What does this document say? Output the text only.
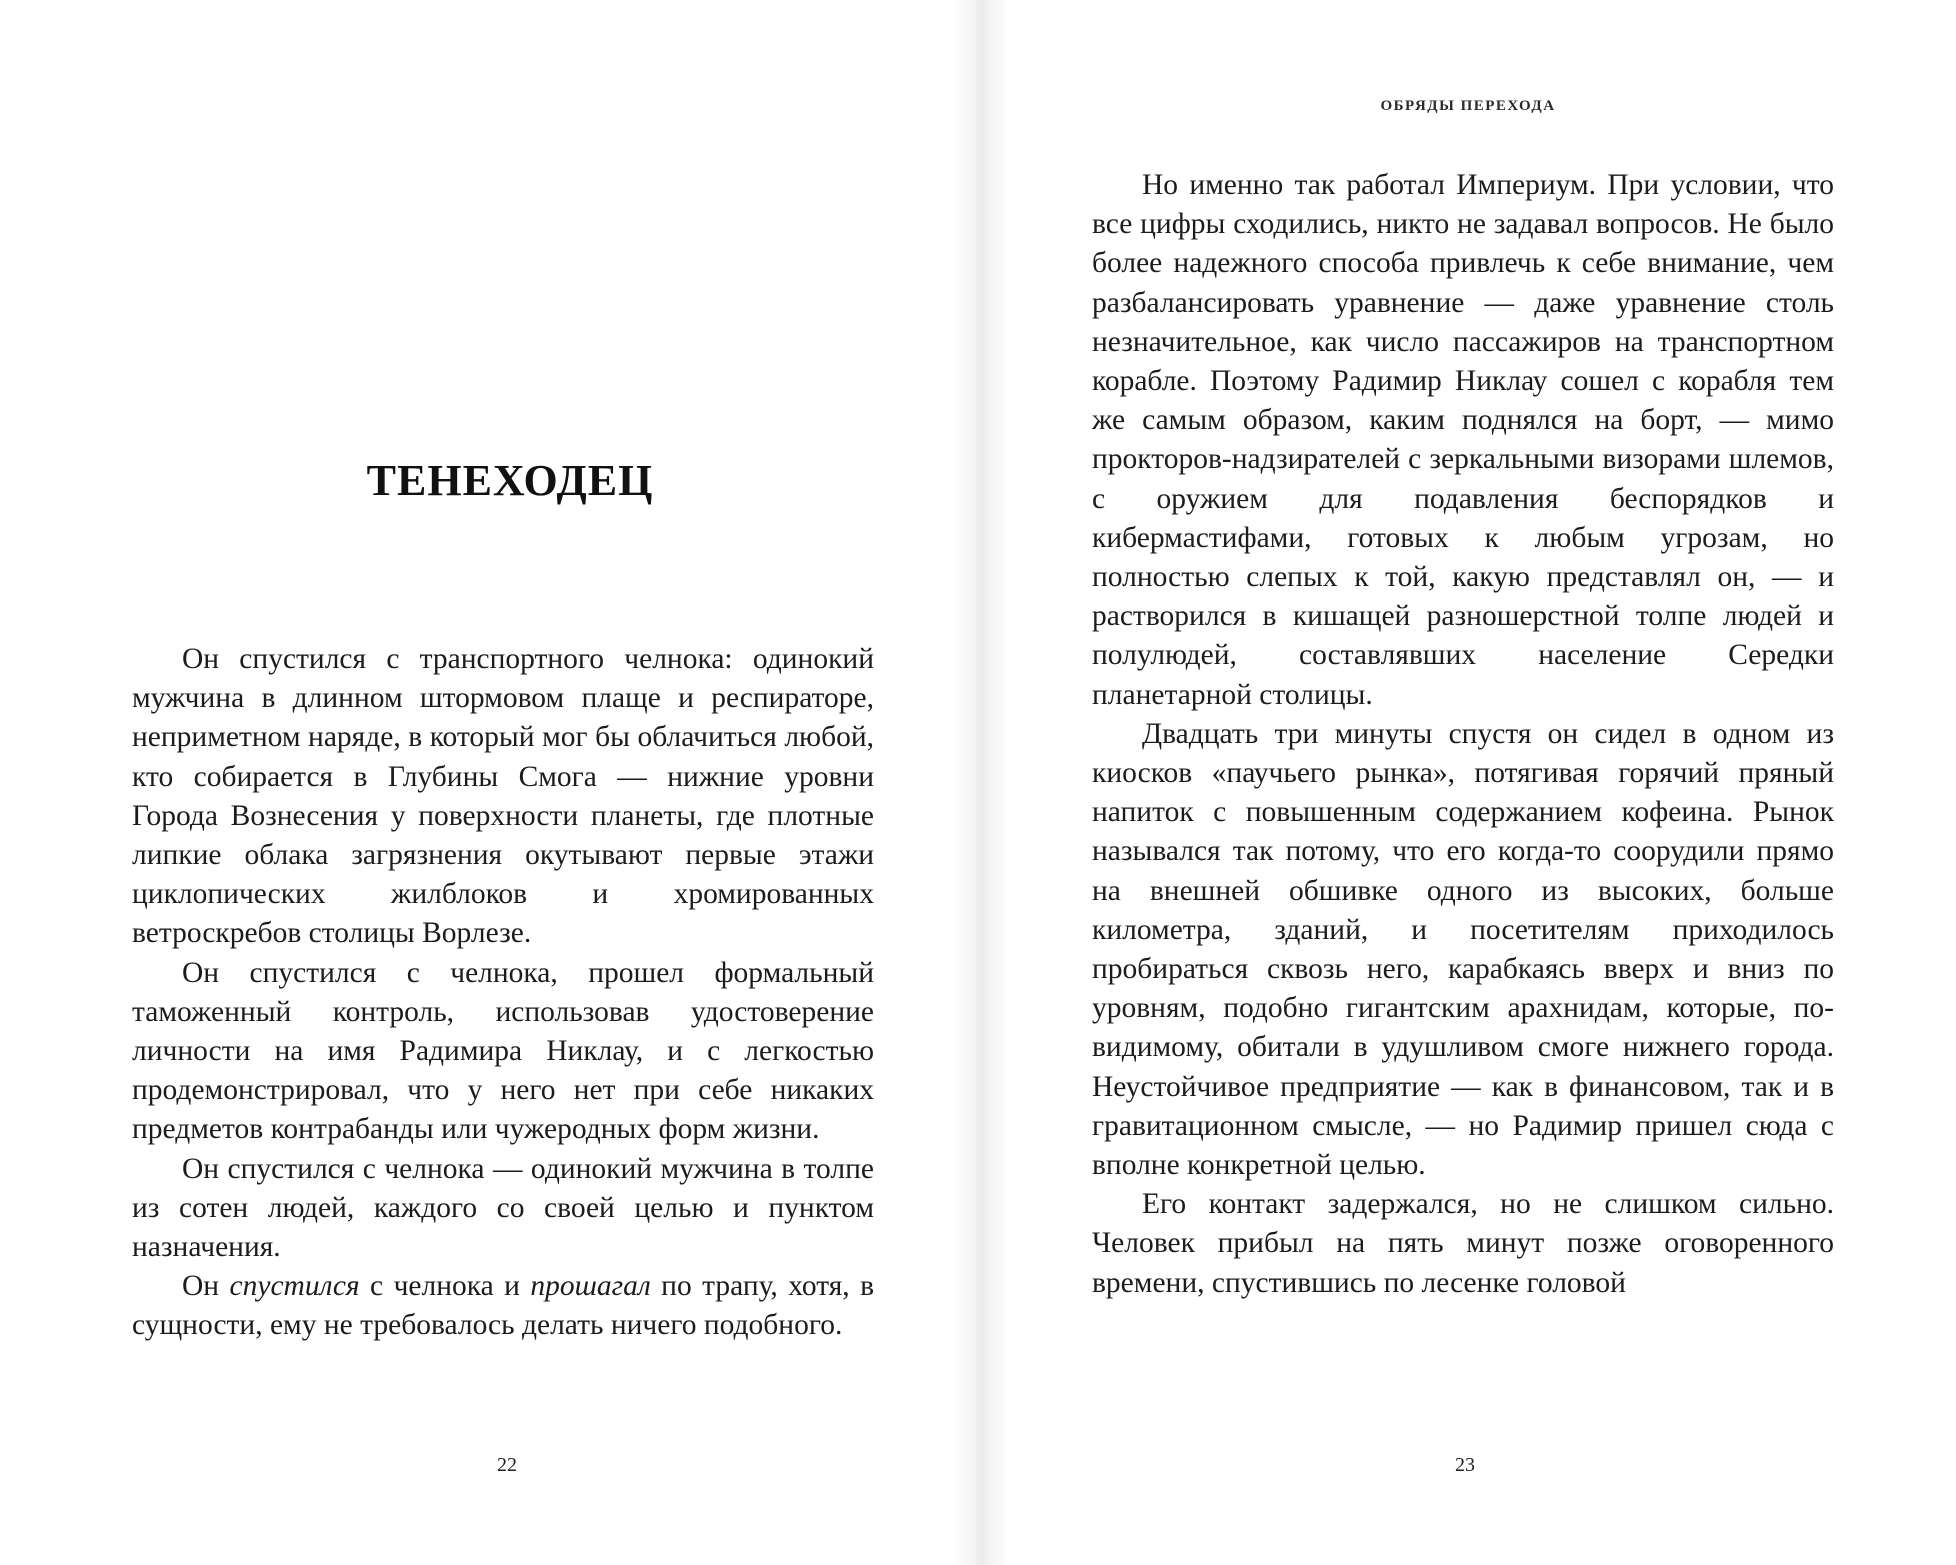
ТЕНЕХОДЕЦ

Он спустился с транспортного челнока: одинокий мужчина в длинном штормовом плаще и респираторе, неприметном наряде, в который мог бы облачиться любой, кто собирается в Глубины Смога — нижние уровни Города Вознесения у поверхности планеты, где плотные липкие облака загрязнения окутывают первые этажи циклопических жилблоков и хромированных ветроскребов столицы Ворлезе.

Он спустился с челнока, прошел формальный таможенный контроль, использовав удостоверение личности на имя Радимира Никлау, и с легкостью продемонстрировал, что у него нет при себе никаких предметов контрабанды или чужеродных форм жизни.

Он спустился с челнока — одинокий мужчина в толпе из сотен людей, каждого со своей целью и пунктом назначения.

Он спустился с челнока и прошагал по трапу, хотя, в сущности, ему не требовалось делать ничего подобного.

22
ОБРЯДЫ ПЕРЕХОДА

Но именно так работал Империум. При условии, что все цифры сходились, никто не задавал вопросов. Не было более надежного способа привлечь к себе внимание, чем разбалансировать уравнение — даже уравнение столь незначительное, как число пассажиров на транспортном корабле. Поэтому Радимир Никлау сошел с корабля тем же самым образом, каким поднялся на борт, — мимо прокторов-надзирателей с зеркальными визорами шлемов, с оружием для подавления беспорядков и кибермастифами, готовых к любым угрозам, но полностью слепых к той, какую представлял он, — и растворился в кишащей разношерстной толпе людей и полулюдей, составлявших население Середки планетарной столицы.

Двадцать три минуты спустя он сидел в одном из киосков «паучьего рынка», потягивая горячий пряный напиток с повышенным содержанием кофеина. Рынок назывался так потому, что его когда-то соорудили прямо на внешней обшивке одного из высоких, больше километра, зданий, и посетителям приходилось пробираться сквозь него, карабкаясь вверх и вниз по уровням, подобно гигантским арахнидам, которые, по-видимому, обитали в удушливом смоге нижнего города. Неустойчивое предприятие — как в финансовом, так и в гравитационном смысле, — но Радимир пришел сюда с вполне конкретной целью.

Его контакт задержался, но не слишком сильно. Человек прибыл на пять минут позже оговоренного времени, спустившись по лесенке головой

23
